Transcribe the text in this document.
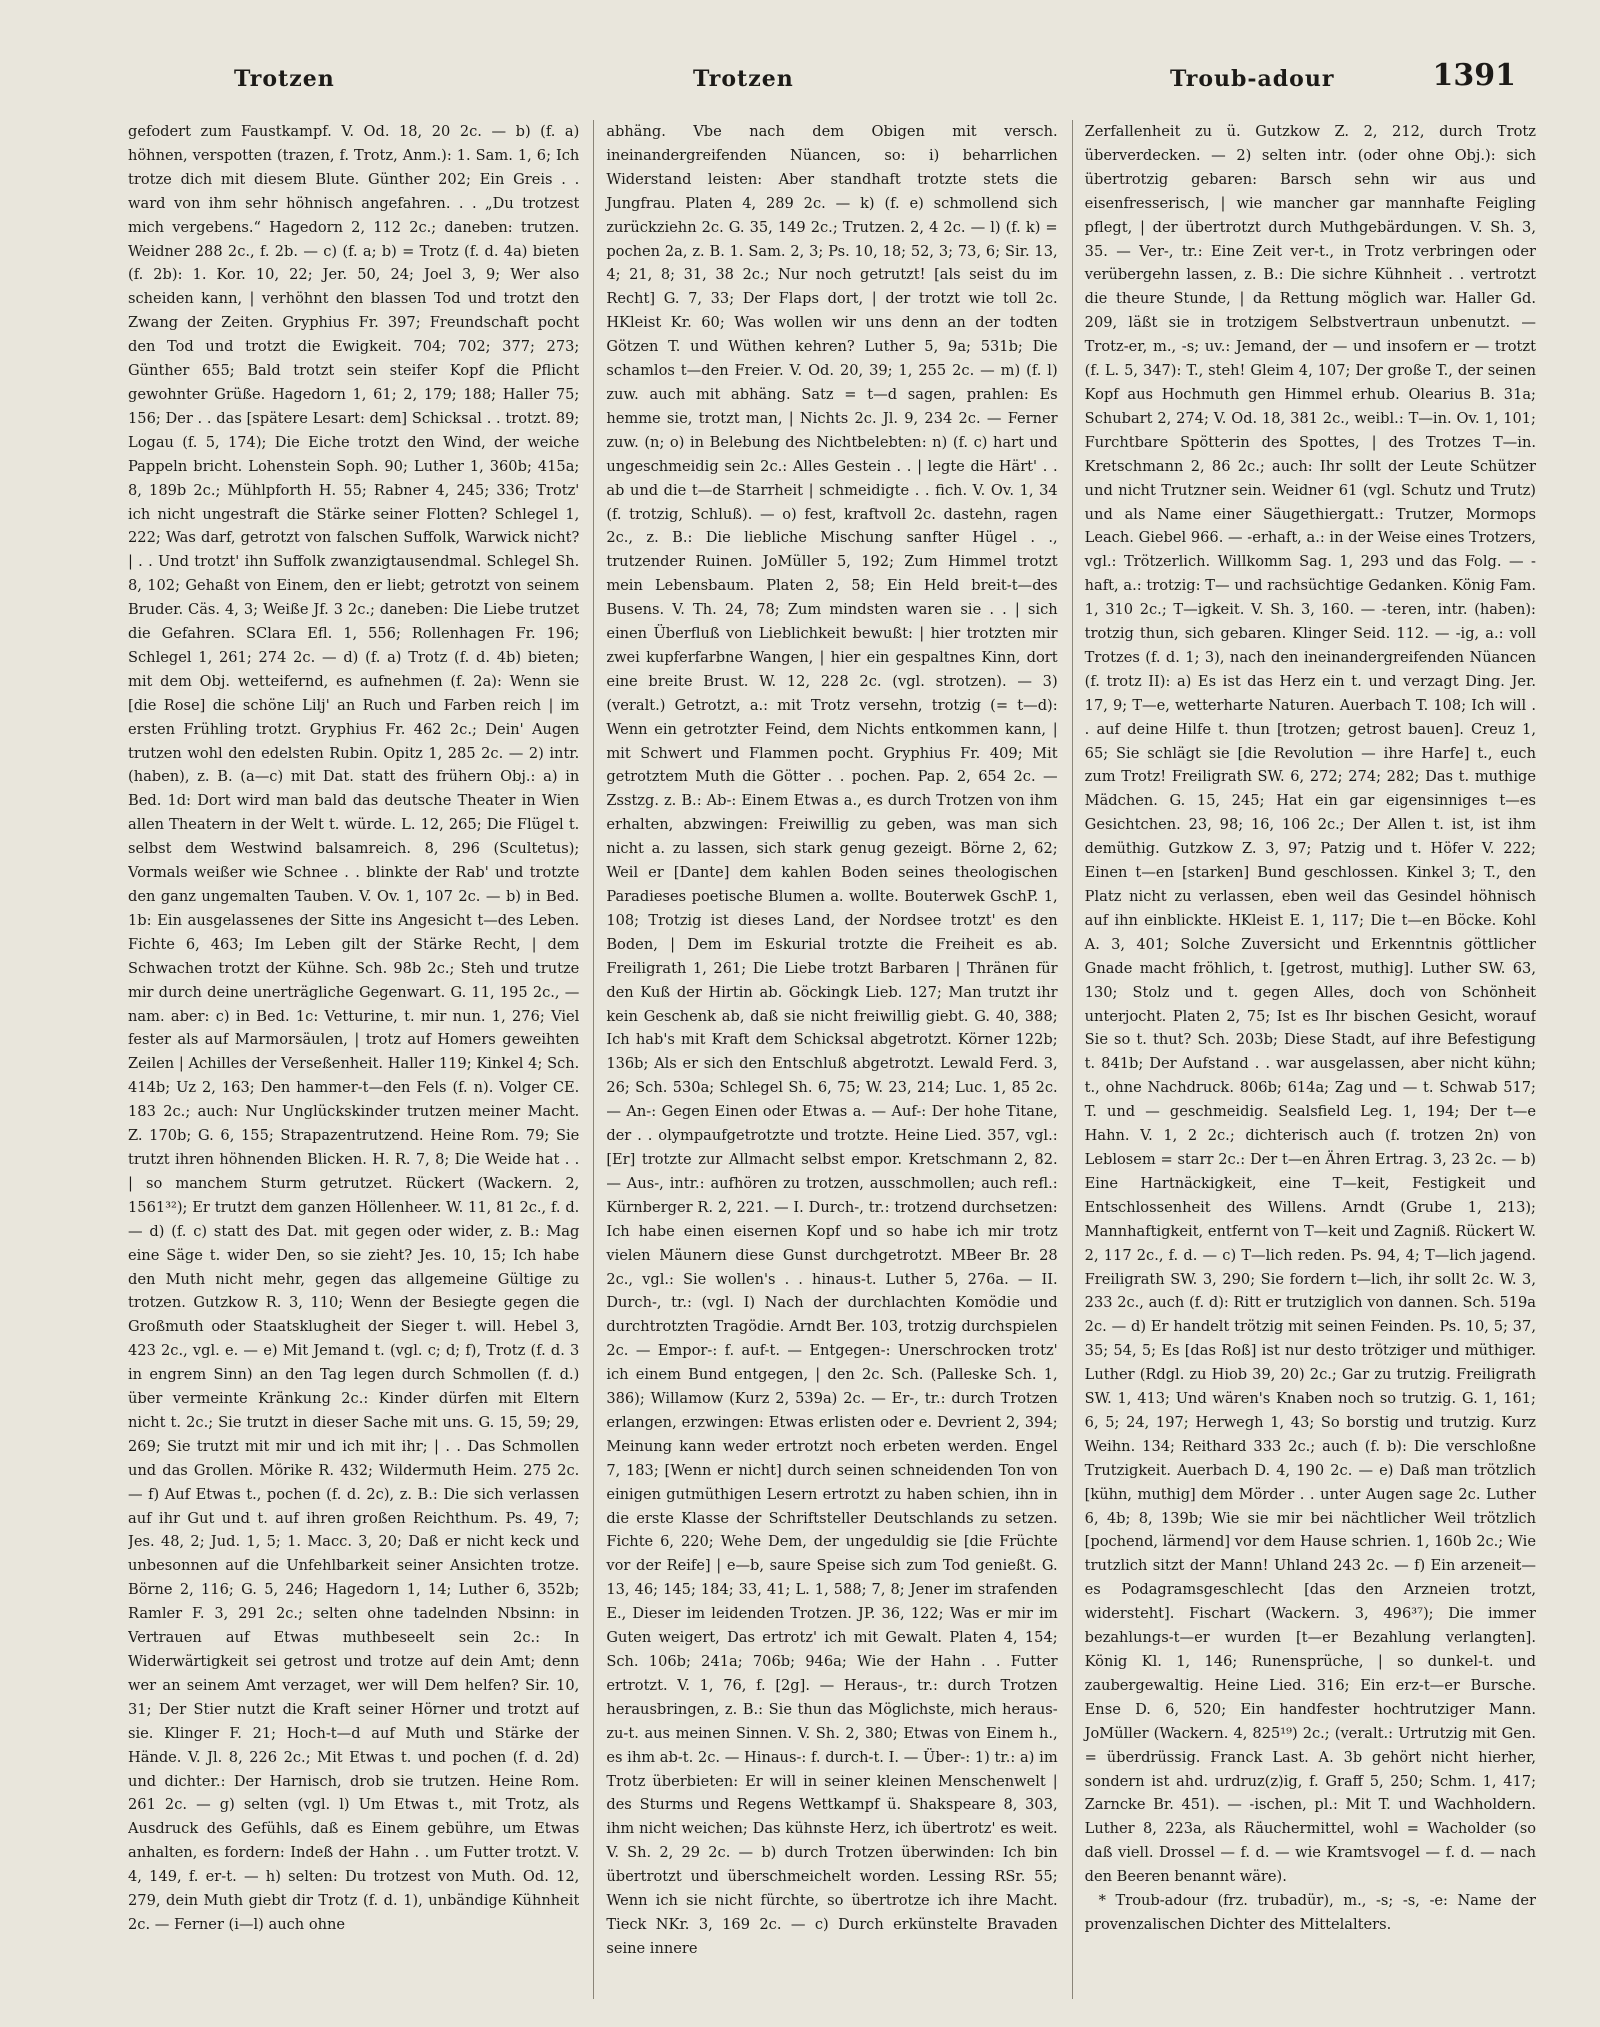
Trotzen	Trotzen	Troub-adour	1391

gefodert zum Faustkampf. V. Od. 18, 20 2c. — b) (f. a) höhnen, verspotten (trazen, f. Trotz, Anm.): 1. Sam. 1, 6; Ich trotze dich mit diesem Blute. Günther 202; Ein Greis . . ward von ihm sehr höhnisch angefahren. . . „Du trotzest mich vergebens.“ Hagedorn 2, 112 2c.; daneben: trutzen. Weidner 288 2c., f. 2b. — c) (f. a; b) = Trotz (f. d. 4a) bieten (f. 2b): 1. Kor. 10, 22; Jer. 50, 24; Joel 3, 9; Wer also scheiden kann, | verhöhnt den blassen Tod und trotzt den Zwang der Zeiten. Gryphius Fr. 397; Freundschaft pocht den Tod und trotzt die Ewigkeit. 704; 702; 377; 273; Günther 655; Bald trotzt sein steifer Kopf die Pflicht gewohnter Grüße. Hagedorn 1, 61; 2, 179; 188; Haller 75; 156; Der . . das [spätere Lesart: dem] Schicksal . . trotzt. 89; Logau (f. 5, 174); Die Eiche trotzt den Wind, der weiche Pappeln bricht. Lohenstein Soph. 90; Luther 1, 360b; 415a; 8, 189b 2c.; Mühlpforth H. 55; Rabner 4, 245; 336; Trotz' ich nicht ungestraft die Stärke seiner Flotten? Schlegel 1, 222; Was darf, getrotzt von falschen Suffolk, Warwick nicht? | . . Und trotzt' ihn Suffolk zwanzigtausendmal. Schlegel Sh. 8, 102; Gehaßt von Einem, den er liebt; getrotzt von seinem Bruder. Cäs. 4, 3; Weiße Jf. 3 2c.; daneben: Die Liebe trutzet die Gefahren. SClara Efl. 1, 556; Rollenhagen Fr. 196; Schlegel 1, 261; 274 2c. — d) (f. a) Trotz (f. d. 4b) bieten; mit dem Obj. wetteifernd, es aufnehmen (f. 2a): Wenn sie [die Rose] die schöne Lilj' an Ruch und Farben reich | im ersten Frühling trotzt. Gryphius Fr. 462 2c.; Dein' Augen trutzen wohl den edelsten Rubin. Opitz 1, 285 2c. — 2) intr. (haben), z. B. (a—c) mit Dat. statt des frühern Obj.: a) in Bed. 1d: Dort wird man bald das deutsche Theater in Wien allen Theatern in der Welt t. würde. L. 12, 265; Die Flügel t. selbst dem Westwind balsamreich. 8, 296 (Scultetus); Vormals weißer wie Schnee . . blinkte der Rab' und trotzte den ganz ungemalten Tauben. V. Ov. 1, 107 2c. — b) in Bed. 1b: Ein ausgelassenes der Sitte ins Angesicht t—des Leben. Fichte 6, 463; Im Leben gilt der Stärke Recht, | dem Schwachen trotzt der Kühne. Sch. 98b 2c.; Steh und trutze mir durch deine unerträgliche Gegenwart. G. 11, 195 2c., — nam. aber: c) in Bed. 1c: Vetturine, t. mir nun. 1, 276; Viel fester als auf Marmorsäulen, | trotz auf Homers geweihten Zeilen | Achilles der Verseßenheit. Haller 119; Kinkel 4; Sch. 414b; Uz 2, 163; Den hammer-t—den Fels (f. n). Volger CE. 183 2c.; auch: Nur Unglückskinder trutzen meiner Macht. Z. 170b; G. 6, 155; Strapazentrutzend. Heine Rom. 79; Sie trutzt ihren höhnenden Blicken. H. R. 7, 8; Die Weide hat . . | so manchem Sturm getrutzet. Rückert (Wackern. 2, 1561³²); Er trutzt dem ganzen Höllenheer. W. 11, 81 2c., f. d. — d) (f. c) statt des Dat. mit gegen oder wider, z. B.: Mag eine Säge t. wider Den, so sie zieht? Jes. 10, 15; Ich habe den Muth nicht mehr, gegen das allgemeine Gültige zu trotzen. Gutzkow R. 3, 110; Wenn der Besiegte gegen die Großmuth oder Staatsklugheit der Sieger t. will. Hebel 3, 423 2c., vgl. e. — e) Mit Jemand t. (vgl. c; d; f), Trotz (f. d. 3 in engrem Sinn) an den Tag legen durch Schmollen (f. d.) über vermeinte Kränkung 2c.: Kinder dürfen mit Eltern nicht t. 2c.; Sie trutzt in dieser Sache mit uns. G. 15, 59; 29, 269; Sie trutzt mit mir und ich mit ihr; | . . Das Schmollen und das Grollen. Mörike R. 432; Wildermuth Heim. 275 2c. — f) Auf Etwas t., pochen (f. d. 2c), z. B.: Die sich verlassen auf ihr Gut und t. auf ihren großen Reichthum. Ps. 49, 7; Jes. 48, 2; Jud. 1, 5; 1. Macc. 3, 20; Daß er nicht keck und unbesonnen auf die Unfehlbarkeit seiner Ansichten trotze. Börne 2, 116; G. 5, 246; Hagedorn 1, 14; Luther 6, 352b; Ramler F. 3, 291 2c.; selten ohne tadelnden Nbsinn: in Vertrauen auf Etwas muthbeseelt sein 2c.: In Widerwärtigkeit sei getrost und trotze auf dein Amt; denn wer an seinem Amt verzaget, wer will Dem helfen? Sir. 10, 31; Der Stier nutzt die Kraft seiner Hörner und trotzt auf sie. Klinger F. 21; Hoch-t—d auf Muth und Stärke der Hände. V. Jl. 8, 226 2c.; Mit Etwas t. und pochen (f. d. 2d) und dichter.: Der Harnisch, drob sie trutzen. Heine Rom. 261 2c. — g) selten (vgl. l) Um Etwas t., mit Trotz, als Ausdruck des Gefühls, daß es Einem gebühre, um Etwas anhalten, es fordern: Indeß der Hahn . . um Futter trotzt. V. 4, 149, f. er-t. — h) selten: Du trotzest von Muth. Od. 12, 279, dein Muth giebt dir Trotz (f. d. 1), unbändige Kühnheit 2c. — Ferner (i—l) auch ohne

abhäng. Vbe nach dem Obigen mit versch. ineinandergreifenden Nüancen, so: i) beharrlichen Widerstand leisten: Aber standhaft trotzte stets die Jungfrau. Platen 4, 289 2c. — k) (f. e) schmollend sich zurückziehn 2c. G. 35, 149 2c.; Trutzen. 2, 4 2c. — l) (f. k) = pochen 2a, z. B. 1. Sam. 2, 3; Ps. 10, 18; 52, 3; 73, 6; Sir. 13, 4; 21, 8; 31, 38 2c.; Nur noch getrutzt! [als seist du im Recht] G. 7, 33; Der Flaps dort, | der trotzt wie toll 2c. HKleist Kr. 60; Was wollen wir uns denn an der todten Götzen T. und Wüthen kehren? Luther 5, 9a; 531b; Die schamlos t—den Freier. V. Od. 20, 39; 1, 255 2c. — m) (f. l) zuw. auch mit abhäng. Satz = t—d sagen, prahlen: Es hemme sie, trotzt man, | Nichts 2c. Jl. 9, 234 2c. — Ferner zuw. (n; o) in Belebung des Nichtbelebten: n) (f. c) hart und ungeschmeidig sein 2c.: Alles Gestein . . | legte die Härt' . . ab und die t—de Starrheit | schmeidigte . . fich. V. Ov. 1, 34 (f. trotzig, Schluß). — o) fest, kraftvoll 2c. dastehn, ragen 2c., z. B.: Die liebliche Mischung sanfter Hügel . ., trutzender Ruinen. JoMüller 5, 192; Zum Himmel trotzt mein Lebensbaum. Platen 2, 58; Ein Held breit-t—des Busens. V. Th. 24, 78; Zum mindsten waren sie . . | sich einen Überfluß von Lieblichkeit bewußt: | hier trotzten mir zwei kupferfarbne Wangen, | hier ein gespaltnes Kinn, dort eine breite Brust. W. 12, 228 2c. (vgl. strotzen). — 3) (veralt.) Getrotzt, a.: mit Trotz versehn, trotzig (= t—d): Wenn ein getrotzter Feind, dem Nichts entkommen kann, | mit Schwert und Flammen pocht. Gryphius Fr. 409; Mit getrotztem Muth die Götter . . pochen. Pap. 2, 654 2c. — Zsstzg. z. B.: Ab-: Einem Etwas a., es durch Trotzen von ihm erhalten, abzwingen: Freiwillig zu geben, was man sich nicht a. zu lassen, sich stark genug gezeigt. Börne 2, 62; Weil er [Dante] dem kahlen Boden seines theologischen Paradieses poetische Blumen a. wollte. Bouterwek GschP. 1, 108; Trotzig ist dieses Land, der Nordsee trotzt' es den Boden, | Dem im Eskurial trotzte die Freiheit es ab. Freiligrath 1, 261; Die Liebe trotzt Barbaren | Thränen für den Kuß der Hirtin ab. Göckingk Lieb. 127; Man trutzt ihr kein Geschenk ab, daß sie nicht freiwillig giebt. G. 40, 388; Ich hab's mit Kraft dem Schicksal abgetrotzt. Körner 122b; 136b; Als er sich den Entschluß abgetrotzt. Lewald Ferd. 3, 26; Sch. 530a; Schlegel Sh. 6, 75; W. 23, 214; Luc. 1, 85 2c. — An-: Gegen Einen oder Etwas a. — Auf-: Der hohe Titane, der . . olympaufgetrotzte und trotzte. Heine Lied. 357, vgl.: [Er] trotzte zur Allmacht selbst empor. Kretschmann 2, 82. — Aus-, intr.: aufhören zu trotzen, ausschmollen; auch refl.: Kürnberger R. 2, 221. — I. Durch-, tr.: trotzend durchsetzen: Ich habe einen eisernen Kopf und so habe ich mir trotz vielen Mäunern diese Gunst durchgetrotzt. MBeer Br. 28 2c., vgl.: Sie wollen's . . hinaus-t. Luther 5, 276a. — II. Durch-, tr.: (vgl. I) Nach der durchlachten Komödie und durchtrotzten Tragödie. Arndt Ber. 103, trotzig durchspielen 2c. — Empor-: f. auf-t. — Entgegen-: Unerschrocken trotz' ich einem Bund entgegen, | den 2c. Sch. (Palleske Sch. 1, 386); Willamow (Kurz 2, 539a) 2c. — Er-, tr.: durch Trotzen erlangen, erzwingen: Etwas erlisten oder e. Devrient 2, 394; Meinung kann weder ertrotzt noch erbeten werden. Engel 7, 183; [Wenn er nicht] durch seinen schneidenden Ton von einigen gutmüthigen Lesern ertrotzt zu haben schien, ihn in die erste Klasse der Schriftsteller Deutschlands zu setzen. Fichte 6, 220; Wehe Dem, der ungeduldig sie [die Früchte vor der Reife] | e—b, saure Speise sich zum Tod genießt. G. 13, 46; 145; 184; 33, 41; L. 1, 588; 7, 8; Jener im strafenden E., Dieser im leidenden Trotzen. JP. 36, 122; Was er mir im Guten weigert, Das ertrotz' ich mit Gewalt. Platen 4, 154; Sch. 106b; 241a; 706b; 946a; Wie der Hahn . . Futter ertrotzt. V. 1, 76, f. [2g]. — Heraus-, tr.: durch Trotzen herausbringen, z. B.: Sie thun das Möglichste, mich heraus-zu-t. aus meinen Sinnen. V. Sh. 2, 380; Etwas von Einem h., es ihm ab-t. 2c. — Hinaus-: f. durch-t. I. — Über-: 1) tr.: a) im Trotz überbieten: Er will in seiner kleinen Menschenwelt | des Sturms und Regens Wettkampf ü. Shakspeare 8, 303, ihm nicht weichen; Das kühnste Herz, ich übertrotz' es weit. V. Sh. 2, 29 2c. — b) durch Trotzen überwinden: Ich bin übertrotzt und überschmeichelt worden. Lessing RSr. 55; Wenn ich sie nicht fürchte, so übertrotze ich ihre Macht. Tieck NKr. 3, 169 2c. — c) Durch erkünstelte Bravaden seine innere

Zerfallenheit zu ü. Gutzkow Z. 2, 212, durch Trotz überverdecken. — 2) selten intr. (oder ohne Obj.): sich übertrotzig gebaren: Barsch sehn wir aus und eisenfresserisch, | wie mancher gar mannhafte Feigling pflegt, | der übertrotzt durch Muthgebärdungen. V. Sh. 3, 35. — Ver-, tr.: Eine Zeit ver-t., in Trotz verbringen oder verübergehn lassen, z. B.: Die sichre Kühnheit . . vertrotzt die theure Stunde, | da Rettung möglich war. Haller Gd. 209, läßt sie in trotzigem Selbstvertraun unbenutzt. — Trotz-er, m., -s; uv.: Jemand, der — und insofern er — trotzt (f. L. 5, 347): T., steh! Gleim 4, 107; Der große T., der seinen Kopf aus Hochmuth gen Himmel erhub. Olearius B. 31a; Schubart 2, 274; V. Od. 18, 381 2c., weibl.: T—in. Ov. 1, 101; Furchtbare Spötterin des Spottes, | des Trotzes T—in. Kretschmann 2, 86 2c.; auch: Ihr sollt der Leute Schützer und nicht Trutzner sein. Weidner 61 (vgl. Schutz und Trutz) und als Name einer Säugethiergatt.: Trutzer, Mormops Leach. Giebel 966. — -erhaft, a.: in der Weise eines Trotzers, vgl.: Trötzerlich. Willkomm Sag. 1, 293 und das Folg. — -haft, a.: trotzig: T— und rachsüchtige Gedanken. König Fam. 1, 310 2c.; T—igkeit. V. Sh. 3, 160. — -teren, intr. (haben): trotzig thun, sich gebaren. Klinger Seid. 112. — -ig, a.: voll Trotzes (f. d. 1; 3), nach den ineinandergreifenden Nüancen (f. trotz II): a) Es ist das Herz ein t. und verzagt Ding. Jer. 17, 9; T—e, wetterharte Naturen. Auerbach T. 108; Ich will . . auf deine Hilfe t. thun [trotzen; getrost bauen]. Creuz 1, 65; Sie schlägt sie [die Revolution — ihre Harfe] t., euch zum Trotz! Freiligrath SW. 6, 272; 274; 282; Das t. muthige Mädchen. G. 15, 245; Hat ein gar eigensinniges t—es Gesichtchen. 23, 98; 16, 106 2c.; Der Allen t. ist, ist ihm demüthig. Gutzkow Z. 3, 97; Patzig und t. Höfer V. 222; Einen t—en [starken] Bund geschlossen. Kinkel 3; T., den Platz nicht zu verlassen, eben weil das Gesindel höhnisch auf ihn einblickte. HKleist E. 1, 117; Die t—en Böcke. Kohl A. 3, 401; Solche Zuversicht und Erkenntnis göttlicher Gnade macht fröhlich, t. [getrost, muthig]. Luther SW. 63, 130; Stolz und t. gegen Alles, doch von Schönheit unterjocht. Platen 2, 75; Ist es Ihr bischen Gesicht, worauf Sie so t. thut? Sch. 203b; Diese Stadt, auf ihre Befestigung t. 841b; Der Aufstand . . war ausgelassen, aber nicht kühn; t., ohne Nachdruck. 806b; 614a; Zag und — t. Schwab 517; T. und — geschmeidig. Sealsfield Leg. 1, 194; Der t—e Hahn. V. 1, 2 2c.; dichterisch auch (f. trotzen 2n) von Leblosem = starr 2c.: Der t—en Ähren Ertrag. 3, 23 2c. — b) Eine Hartnäckigkeit, eine T—keit, Festigkeit und Entschlossenheit des Willens. Arndt (Grube 1, 213); Mannhaftigkeit, entfernt von T—keit und Zagniß. Rückert W. 2, 117 2c., f. d. — c) T—lich reden. Ps. 94, 4; T—lich jagend. Freiligrath SW. 3, 290; Sie fordern t—lich, ihr sollt 2c. W. 3, 233 2c., auch (f. d): Ritt er trutziglich von dannen. Sch. 519a 2c. — d) Er handelt trötzig mit seinen Feinden. Ps. 10, 5; 37, 35; 54, 5; Es [das Roß] ist nur desto trötziger und müthiger. Luther (Rdgl. zu Hiob 39, 20) 2c.; Gar zu trutzig. Freiligrath SW. 1, 413; Und wären's Knaben noch so trutzig. G. 1, 161; 6, 5; 24, 197; Herwegh 1, 43; So borstig und trutzig. Kurz Weihn. 134; Reithard 333 2c.; auch (f. b): Die verschloßne Trutzigkeit. Auerbach D. 4, 190 2c. — e) Daß man trötzlich [kühn, muthig] dem Mörder . . unter Augen sage 2c. Luther 6, 4b; 8, 139b; Wie sie mir bei nächtlicher Weil trötzlich [pochend, lärmend] vor dem Hause schrien. 1, 160b 2c.; Wie trutzlich sitzt der Mann! Uhland 243 2c. — f) Ein arzeneit—es Podagramsgeschlecht [das den Arzneien trotzt, widersteht]. Fischart (Wackern. 3, 496³⁷); Die immer bezahlungs-t—er wurden [t—er Bezahlung verlangten]. König Kl. 1, 146; Runensprüche, | so dunkel-t. und zaubergewaltig. Heine Lied. 316; Ein erz-t—er Bursche. Ense D. 6, 520; Ein handfester hochtrutziger Mann. JoMüller (Wackern. 4, 825¹⁹) 2c.; (veralt.: Urtrutzig mit Gen. = überdrüssig. Franck Last. A. 3b gehört nicht hierher, sondern ist ahd. urdruz(z)ig, f. Graff 5, 250; Schm. 1, 417; Zarncke Br. 451). — -ischen, pl.: Mit T. und Wachholdern. Luther 8, 223a, als Räuchermittel, wohl = Wacholder (so daß viell. Drossel — f. d. — wie Kramtsvogel — f. d. — nach den Beeren benannt wäre).

* Troub-adour (frz. trubadür), m., -s; -s, -e: Name der provenzalischen Dichter des Mittelalters.
